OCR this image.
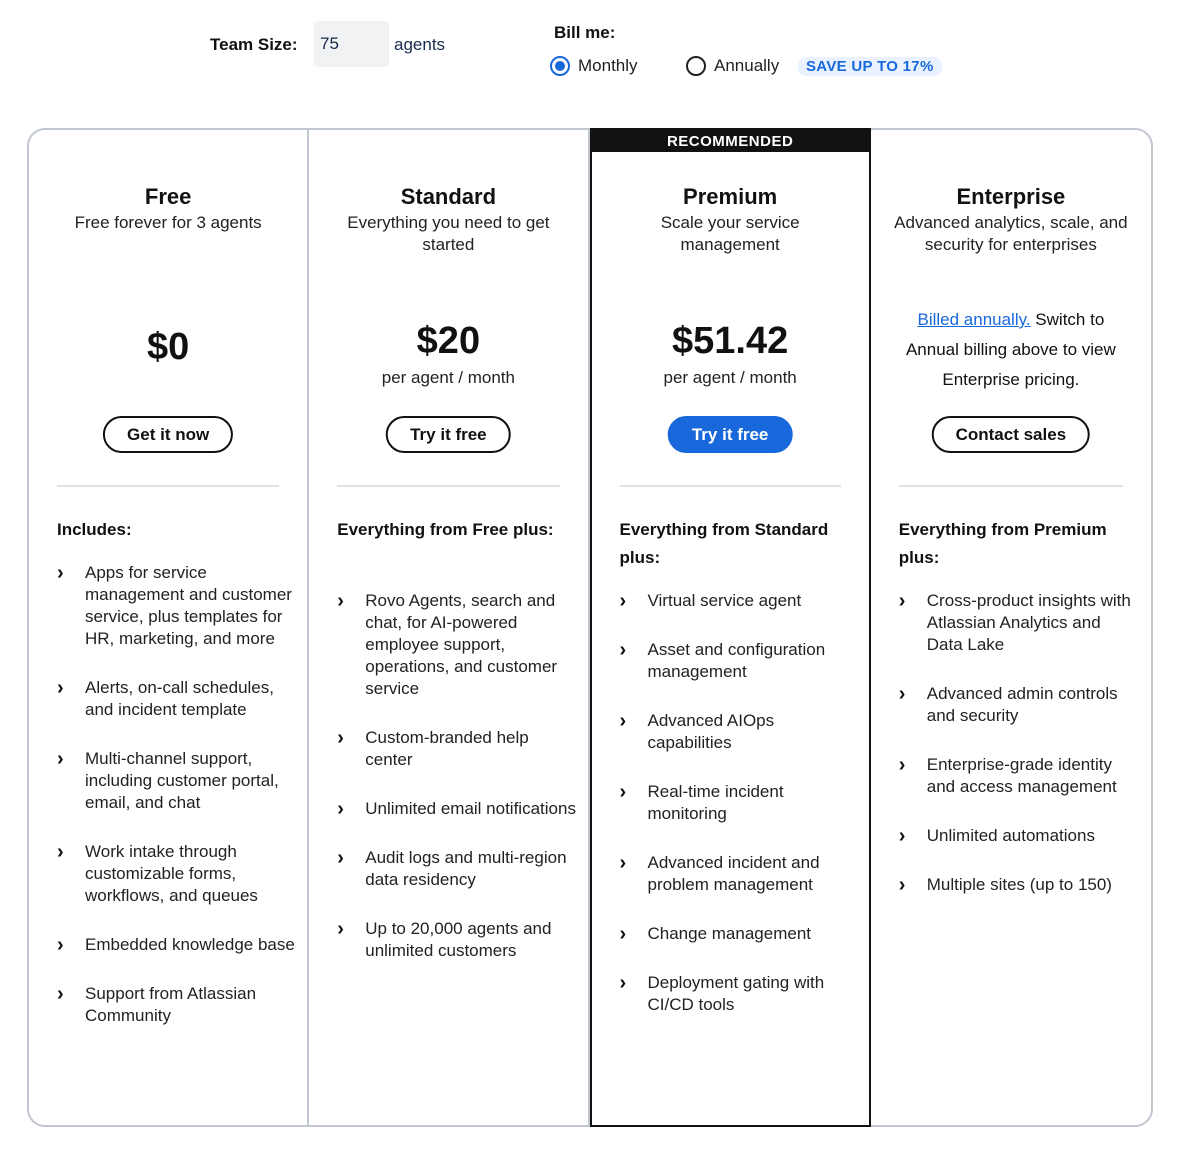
Team Size:
75	agents
Bill me:
Monthly	Annually	SAVE UP TO 17%
Free
Free forever for 3 agents
$0
Get it now
Includes:
›	Apps for service management and customer service, plus templates for HR, marketing, and more
›	Alerts, on-call schedules, and incident template
›	Multi-channel support, including customer portal, email, and chat
›	Work intake through customizable forms, workflows, and queues
›	Embedded knowledge base
›	Support from Atlassian Community
Standard
Everything you need to get started
$20
per agent / month
Try it free
Everything from Free plus:
›	Rovo Agents, search and chat, for AI-powered employee support, operations, and customer service
›	Custom-branded help center
›	Unlimited email notifications
›	Audit logs and multi-region data residency
›	Up to 20,000 agents and unlimited customers
RECOMMENDED
Premium
Scale your service management
$51.42
per agent / month
Try it free
Everything from Standard plus:
›	Virtual service agent
›	Asset and configuration management
›	Advanced AIOps capabilities
›	Real-time incident monitoring
›	Advanced incident and problem management
›	Change management
›	Deployment gating with CI/CD tools
Enterprise
Advanced analytics, scale, and security for enterprises
Billed annually. Switch to Annual billing above to view Enterprise pricing.
Contact sales
Everything from Premium plus:
›	Cross-product insights with Atlassian Analytics and Data Lake
›	Advanced admin controls and security
›	Enterprise-grade identity and access management
›	Unlimited automations
›	Multiple sites (up to 150)
